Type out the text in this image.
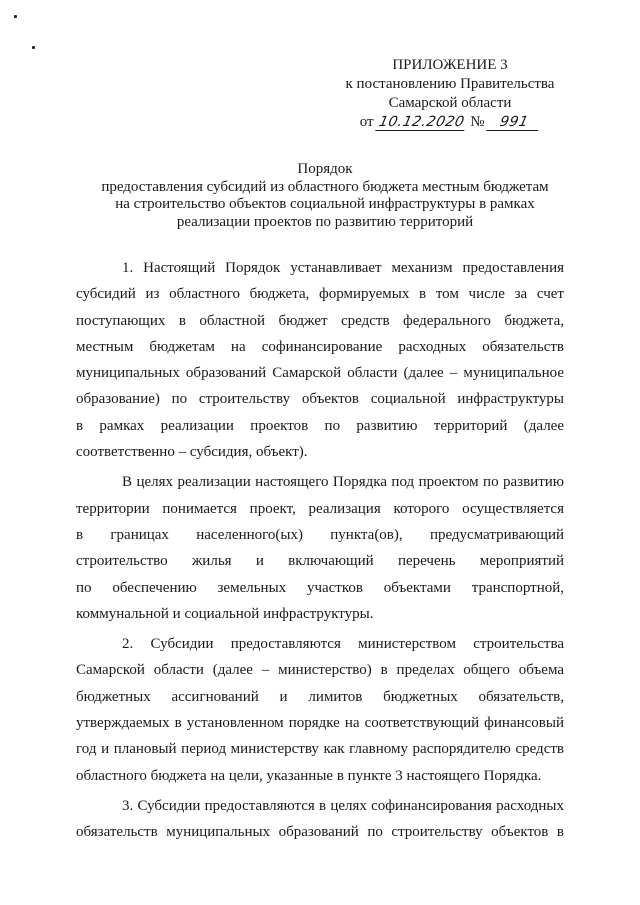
ПРИЛОЖЕНИЕ 3
к постановлению Правительства
Самарской области
от 10.12.2020 № 991
Порядок
предоставления субсидий из областного бюджета местным бюджетам
на строительство объектов социальной инфраструктуры в рамках
реализации проектов по развитию территорий
1. Настоящий Порядок устанавливает механизм предоставления
субсидий из областного бюджета, формируемых в том числе за счет
поступающих в областной бюджет средств федерального бюджета,
местным бюджетам на софинансирование расходных обязательств
муниципальных образований Самарской области (далее – муниципальное
образование) по строительству объектов социальной инфраструктуры
в рамках реализации проектов по развитию территорий (далее
соответственно – субсидия, объект).
В целях реализации настоящего Порядка под проектом по развитию
территории понимается проект, реализация которого осуществляется
в границах населенного(ых) пункта(ов), предусматривающий
строительство жилья и включающий перечень мероприятий
по обеспечению земельных участков объектами транспортной,
коммунальной и социальной инфраструктуры.
2. Субсидии предоставляются министерством строительства
Самарской области (далее – министерство) в пределах общего объема
бюджетных ассигнований и лимитов бюджетных обязательств,
утверждаемых в установленном порядке на соответствующий финансовый
год и плановый период министерству как главному распорядителю средств
областного бюджета на цели, указанные в пункте 3 настоящего Порядка.
3. Субсидии предоставляются в целях софинансирования расходных
обязательств муниципальных образований по строительству объектов в
